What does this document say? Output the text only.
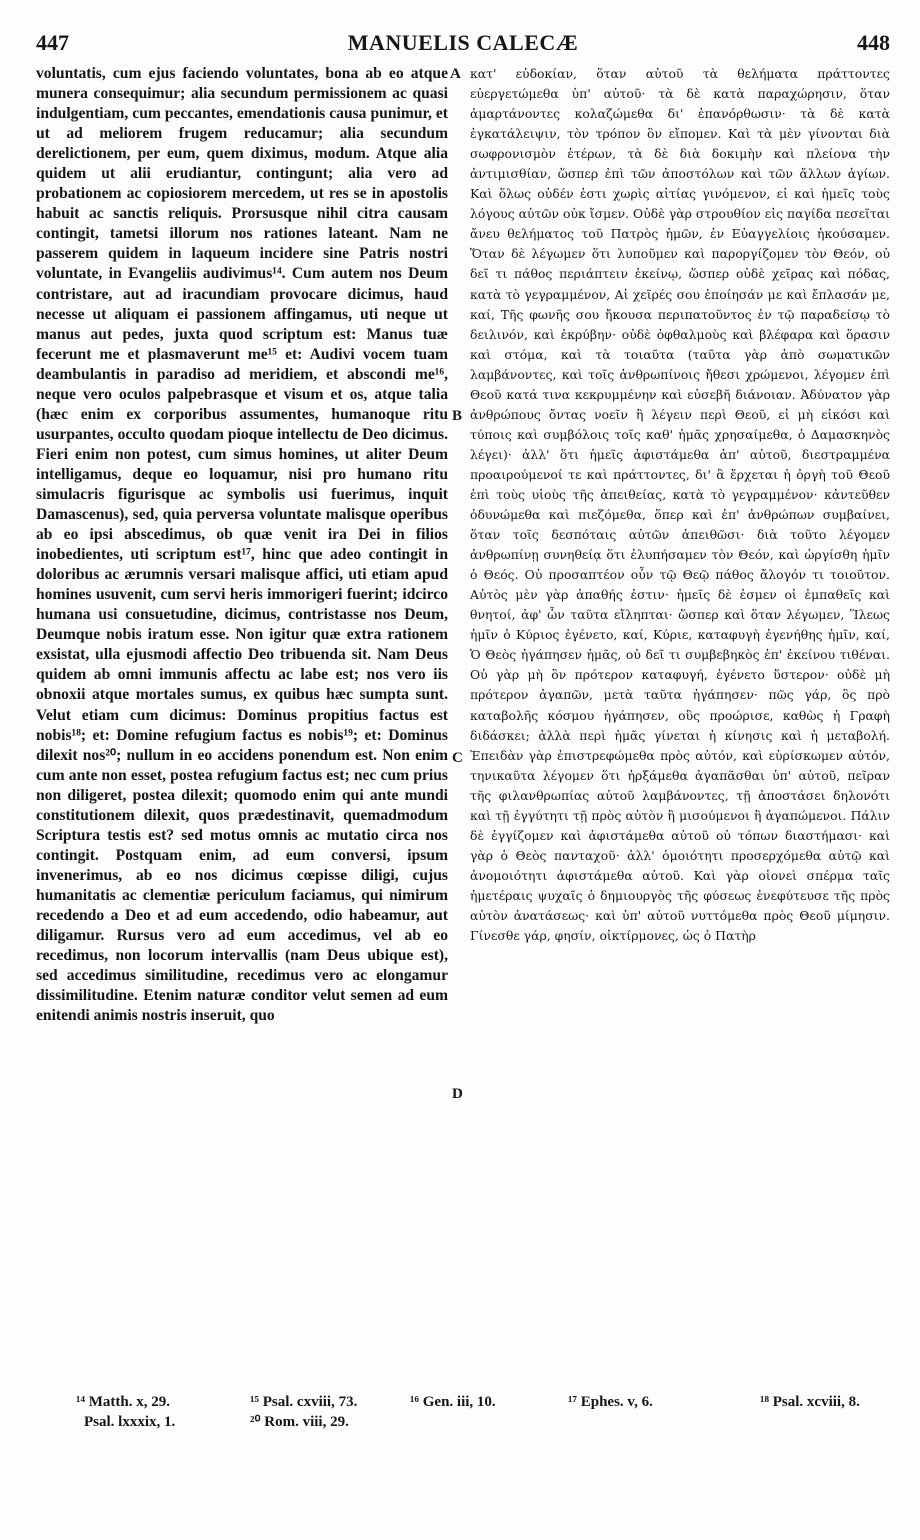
447	MANUELIS CALECÆ	448

voluntatis, cum ejus faciendo voluntates, bona ab eo atque munera consequimur; alia secundum permissionem ac quasi indulgentiam, cum peccantes, emendationis causa punimur, et ut ad meliorem frugem reducamur; alia secundum derelictionem, per eum, quem diximus, modum. Atque alia quidem ut alii erudiantur, contingunt; alia vero ad probationem ac copiosiorem mercedem, ut res se in apostolis habuit ac sanctis reliquis. Prorsusque nihil citra causam contingit, tametsi illorum nos rationes lateant. Nam ne passerem quidem in laqueum incidere sine Patris nostri voluntate, in Evangeliis audivimus¹⁴. Cum autem nos Deum contristare, aut ad iracundiam provocare dicimus, haud necesse ut aliquam ei passionem affingamus, uti neque ut manus aut pedes, juxta quod scriptum est: Manus tuæ fecerunt me et plasmaverunt me¹⁵ et: Audivi vocem tuam deambulantis in paradiso ad meridiem, et abscondi me¹⁶, neque vero oculos palpebrasque et visum et os, atque talia (hæc enim ex corporibus assumentes, humanoque ritu usurpantes, occulto quodam pioque intellectu de Deo dicimus. Fieri enim non potest, cum simus homines, ut aliter Deum intelligamus, deque eo loquamur, nisi pro humano ritu simulacris figurisque ac symbolis usi fuerimus, inquit Damascenus), sed, quia perversa voluntate malisque operibus ab eo ipsi abscedimus, ob quæ venit ira Dei in filios inobedientes, uti scriptum est¹⁷, hinc que adeo contingit in doloribus ac ærumnis versari malisque affici, uti etiam apud homines usuvenit, cum servi heris immorigeri fuerint; idcirco humana usi consuetudine, dicimus, contristasse nos Deum, Deumque nobis iratum esse. Non igitur quæ extra rationem exsistat, ulla ejusmodi affectio Deo tribuenda sit. Nam Deus quidem ab omni immunis affectu ac labe est; nos vero iis obnoxii atque mortales sumus, ex quibus hæc sumpta sunt. Velut etiam cum dicimus: Dominus propitius factus est nobis¹⁸; et: Domine refugium factus es nobis¹⁹; et: Dominus dilexit nos²⁰; nullum in eo accidens ponendum est. Non enim cum ante non esset, postea refugium factus est; nec cum prius non diligeret, postea dilexit; quomodo enim qui ante mundi constitutionem dilexit, quos prædestinavit, quemadmodum Scriptura testis est? sed motus omnis ac mutatio circa nos contingit. Postquam enim, ad eum conversi, ipsum invenerimus, ab eo nos dicimus cœpisse diligi, cujus humanitatis ac clementiæ periculum faciamus, qui nimirum recedendo a Deo et ad eum accedendo, odio habeamur, aut diligamur. Rursus vero ad eum accedimus, vel ab eo recedimus, non locorum intervallis (nam Deus ubique est), sed accedimus similitudine, recedimus vero ac elongamur dissimilitudine. Etenim naturæ conditor velut semen ad eum enitendi animis nostris inseruit, quo

A
B
C
D

κατ' εὐδοκίαν, ὅταν αὐτοῦ τὰ θελήματα πράττοντες εὐεργετώμεθα ὑπ' αὐτοῦ· τὰ δὲ κατὰ παραχώρησιν, ὅταν ἁμαρτάνοντες κολαζώμεθα δι' ἐπανόρθωσιν· τὰ δὲ κατὰ ἐγκατάλειψιν, τὸν τρόπον ὃν εἴπομεν. Καὶ τὰ μὲν γίνονται διὰ σωφρονισμὸν ἑτέρων, τὰ δὲ διὰ δοκιμὴν καὶ πλείονα τὴν ἀντιμισθίαν, ὥσπερ ἐπὶ τῶν ἀποστόλων καὶ τῶν ἄλλων ἁγίων. Καὶ ὅλως οὐδέν ἐστι χωρὶς αἰτίας γινόμενον, εἰ καὶ ἡμεῖς τοὺς λόγους αὐτῶν οὐκ ἴσμεν. Οὐδὲ γὰρ στρουθίον εἰς παγίδα πεσεῖται ἄνευ θελήματος τοῦ Πατρὸς ἡμῶν, ἐν Εὐαγγελίοις ἠκούσαμεν. Ὅταν δὲ λέγωμεν ὅτι λυποῦμεν καὶ παροργίζομεν τὸν Θεόν, οὐ δεῖ τι πάθος περιάπτειν ἐκείνῳ, ὥσπερ οὐδὲ χεῖρας καὶ πόδας, κατὰ τὸ γεγραμμένον, Αἱ χεῖρές σου ἐποίησάν με καὶ ἔπλασάν με, καί, Τῆς φωνῆς σου ἤκουσα περιπατοῦντος ἐν τῷ παραδείσῳ τὸ δειλινόν, καὶ ἐκρύβην· οὐδὲ ὀφθαλμοὺς καὶ βλέφαρα καὶ ὅρασιν καὶ στόμα, καὶ τὰ τοιαῦτα (ταῦτα γὰρ ἀπὸ σωματικῶν λαμβάνοντες, καὶ τοῖς ἀνθρωπίνοις ἤθεσι χρώμενοι, λέγομεν ἐπὶ Θεοῦ κατά τινα κεκρυμμένην καὶ εὐσεβῆ διάνοιαν. Ἀδύνατον γὰρ ἀνθρώπους ὄντας νοεῖν ἢ λέγειν περὶ Θεοῦ, εἰ μὴ εἰκόσι καὶ τύποις καὶ συμβόλοις τοῖς καθ' ἡμᾶς χρησαίμεθα, ὁ Δαμασκηνὸς λέγει)· ἀλλ' ὅτι ἡμεῖς ἀφιστάμεθα ἀπ' αὐτοῦ, διεστραμμένα προαιρούμενοί τε καὶ πράττοντες, δι' ἃ ἔρχεται ἡ ὀργὴ τοῦ Θεοῦ ἐπὶ τοὺς υἱοὺς τῆς ἀπειθείας, κατὰ τὸ γεγραμμένον· κἀντεῦθεν ὀδυνώμεθα καὶ πιεζόμεθα, ὅπερ καὶ ἐπ' ἀνθρώπων συμβαίνει, ὅταν τοῖς δεσπόταις αὐτῶν ἀπειθῶσι· διὰ τοῦτο λέγομεν ἀνθρωπίνῃ συνηθείᾳ ὅτι ἐλυπήσαμεν τὸν Θεόν, καὶ ὠργίσθη ἡμῖν ὁ Θεός. Οὐ προσαπτέον οὖν τῷ Θεῷ πάθος ἄλογόν τι τοιοῦτον. Αὐτὸς μὲν γὰρ ἀπαθής ἐστιν· ἡμεῖς δὲ ἐσμεν οἱ ἐμπαθεῖς καὶ θνητοί, ἀφ' ὧν ταῦτα εἴληπται· ὥσπερ καὶ ὅταν λέγωμεν, Ἵλεως ἡμῖν ὁ Κύριος ἐγένετο, καί, Κύριε, καταφυγὴ ἐγενήθης ἡμῖν, καί, Ὁ Θεὸς ἠγάπησεν ἡμᾶς, οὐ δεῖ τι συμβεβηκὸς ἐπ' ἐκείνου τιθέναι. Οὐ γὰρ μὴ ὂν πρότερον καταφυγή, ἐγένετο ὕστερον· οὐδὲ μὴ πρότερον ἀγαπῶν, μετὰ ταῦτα ἠγάπησεν· πῶς γάρ, ὃς πρὸ καταβολῆς κόσμου ἠγάπησεν, οὓς προώρισε, καθὼς ἡ Γραφὴ διδάσκει; ἀλλὰ περὶ ἡμᾶς γίνεται ἡ κίνησις καὶ ἡ μεταβολή. Ἐπειδὰν γὰρ ἐπιστρεφώμεθα πρὸς αὐτόν, καὶ εὑρίσκωμεν αὐτόν, τηνικαῦτα λέγομεν ὅτι ἠρξάμεθα ἀγαπᾶσθαι ὑπ' αὐτοῦ, πεῖραν τῆς φιλανθρωπίας αὐτοῦ λαμβάνοντες, τῇ ἀποστάσει δηλονότι καὶ τῇ ἐγγύτητι τῇ πρὸς αὐτὸν ἢ μισούμενοι ἢ ἀγαπώμενοι. Πάλιν δὲ ἐγγίζομεν καὶ ἀφιστάμεθα αὐτοῦ οὐ τόπων διαστήμασι· καὶ γὰρ ὁ Θεὸς πανταχοῦ· ἀλλ' ὁμοιότητι προσερχόμεθα αὐτῷ καὶ ἀνομοιότητι ἀφιστάμεθα αὐτοῦ. Καὶ γὰρ οἱονεὶ σπέρμα ταῖς ἡμετέραις ψυχαῖς ὁ δημιουργὸς τῆς φύσεως ἐνεφύτευσε τῆς πρὸς αὐτὸν ἀνατάσεως· καὶ ὑπ' αὐτοῦ νυττόμεθα πρὸς Θεοῦ μίμησιν. Γίνεσθε γάρ, φησίν, οἰκτίρμονες, ὡς ὁ Πατὴρ

¹⁴ Matth. x, 29.	¹⁵ Psal. cxviii, 73.	¹⁶ Gen. iii, 10.	¹⁷ Ephes. v, 6.	¹⁸ Psal. xcviii, 8.
Psal. lxxxix, 1.	²⁰ Rom. viii, 29.
